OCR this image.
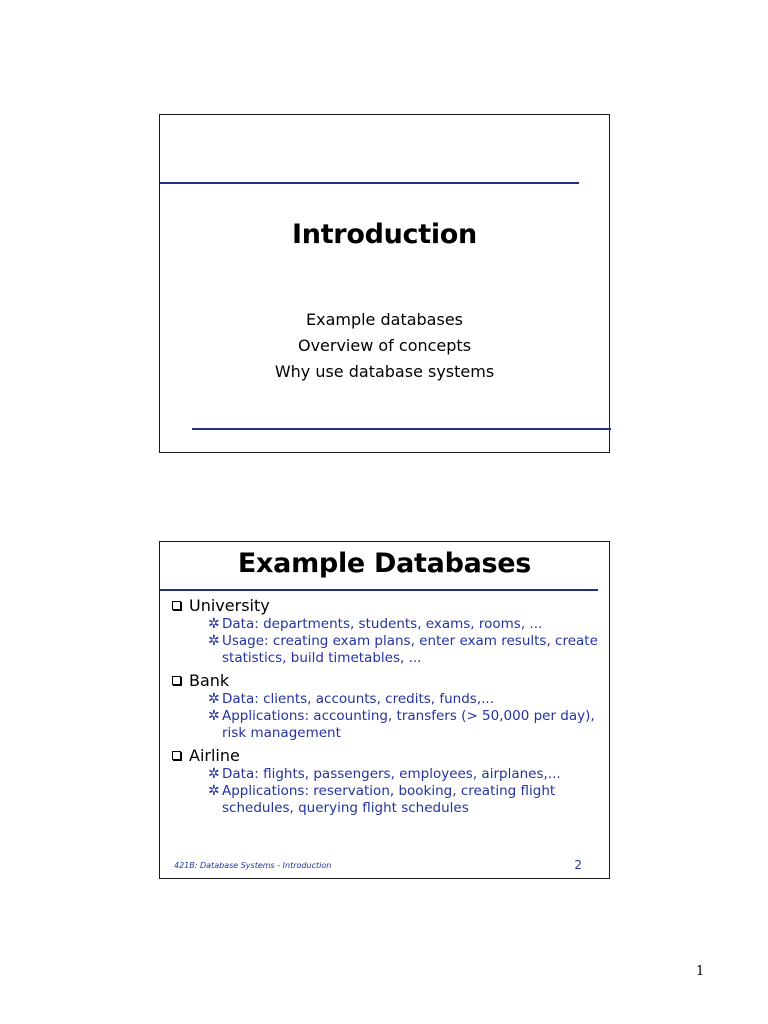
Introduction
Example databases
Overview of concepts
Why use database systems
Example Databases
University
✲ Data: departments, students, exams, rooms, ...
✲ Usage: creating exam plans, enter exam results, create statistics, build timetables, ...
Bank
✲ Data: clients, accounts, credits, funds,...
✲ Applications: accounting, transfers (> 50,000 per day), risk management
Airline
✲ Data: flights, passengers, employees, airplanes,...
✲ Applications: reservation, booking, creating flight schedules, querying flight schedules
421B: Database Systems - Introduction	2
1
